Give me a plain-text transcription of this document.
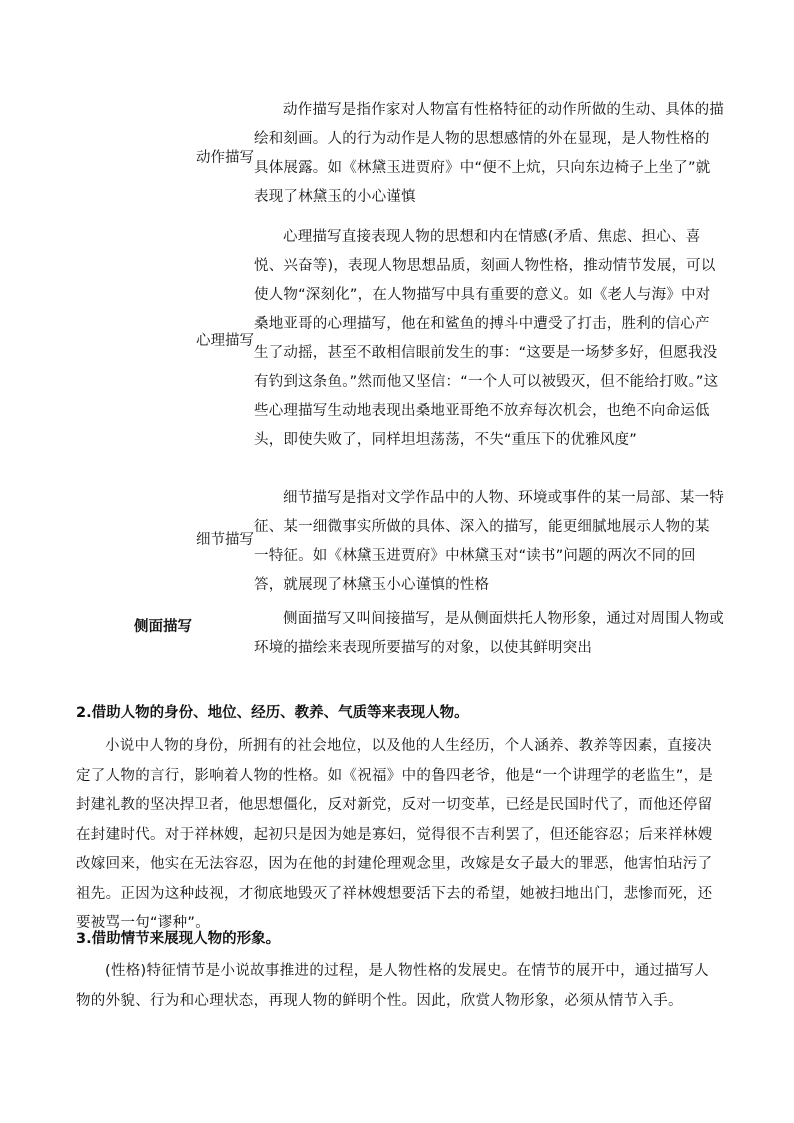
动作描写
动作描写是指作家对人物富有性格特征的动作所做的生动、具体的描绘和刻画。人的行为动作是人物的思想感情的外在显现，是人物性格的具体展露。如《林黛玉进贾府》中“便不上炕，只向东边椅子上坐了”就表现了林黛玉的小心谨慎
心理描写
心理描写直接表现人物的思想和内在情感(矛盾、焦虑、担心、喜悦、兴奋等)，表现人物思想品质，刻画人物性格，推动情节发展，可以使人物“深刻化”，在人物描写中具有重要的意义。如《老人与海》中对桑地亚哥的心理描写，他在和鲨鱼的搏斗中遭受了打击，胜利的信心产生了动摇，甚至不敢相信眼前发生的事：“这要是一场梦多好，但愿我没有钓到这条鱼。”然而他又坚信：“一个人可以被毁灭，但不能给打败。”这些心理描写生动地表现出桑地亚哥绝不放弃每次机会，也绝不向命运低头，即使失败了，同样坦坦荡荡，不失“重压下的优雅风度”
细节描写
细节描写是指对文学作品中的人物、环境或事件的某一局部、某一特征、某一细微事实所做的具体、深入的描写，能更细腻地展示人物的某一特征。如《林黛玉进贾府》中林黛玉对“读书”问题的两次不同的回答，就展现了林黛玉小心谨慎的性格
侧面描写	侧面描写又叫间接描写，是从侧面烘托人物形象，通过对周围人物或环境的描绘来表现所要描写的对象，以使其鲜明突出
2.借助人物的身份、地位、经历、教养、气质等来表现人物。
小说中人物的身份，所拥有的社会地位，以及他的人生经历，个人涵养、教养等因素，直接决定了人物的言行，影响着人物的性格。如《祝福》中的鲁四老爷，他是“一个讲理学的老监生”，是封建礼教的坚决捍卫者，他思想僵化，反对新党，反对一切变革，已经是民国时代了，而他还停留在封建时代。对于祥林嫂，起初只是因为她是寡妇，觉得很不吉利罢了，但还能容忍；后来祥林嫂改嫁回来，他实在无法容忍，因为在他的封建伦理观念里，改嫁是女子最大的罪恶，他害怕玷污了祖先。正因为这种歧视，才彻底地毁灭了祥林嫂想要活下去的希望，她被扫地出门，悲惨而死，还要被骂一句“谬种”。
3.借助情节来展现人物的形象。
(性格)特征情节是小说故事推进的过程，是人物性格的发展史。在情节的展开中，通过描写人物的外貌、行为和心理状态，再现人物的鲜明个性。因此，欣赏人物形象，必须从情节入手。
